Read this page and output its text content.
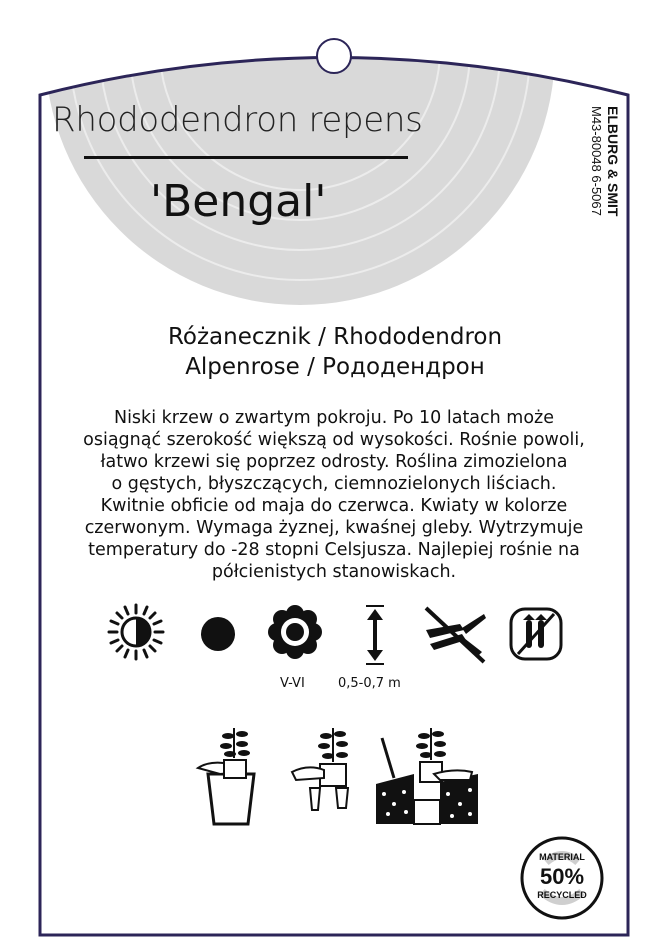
Rhododendron repens
'Bengal'	ELBURG & SMIT
M43-80048 6-5067
Różanecznik / Rhododendron
Alpenrose / Рододендрон
Niski krzew o zwartym pokroju. Po 10 latach może
osiągnąć szerokość większą od wysokości. Rośnie powoli,
łatwo krzewi się poprzez odrosty. Roślina zimozielona
o gęstych, błyszczących, ciemnozielonych liściach.
Kwitnie obficie od maja do czerwca. Kwiaty w kolorze
czerwonym. Wymaga żyznej, kwaśnej gleby. Wytrzymuje
temperatury do -28 stopni Celsjusza. Najlepiej rośnie na
półcienistych stanowiskach.
V-VI	0,5-0,7 m
MATERIAL
50%
RECYCLED
